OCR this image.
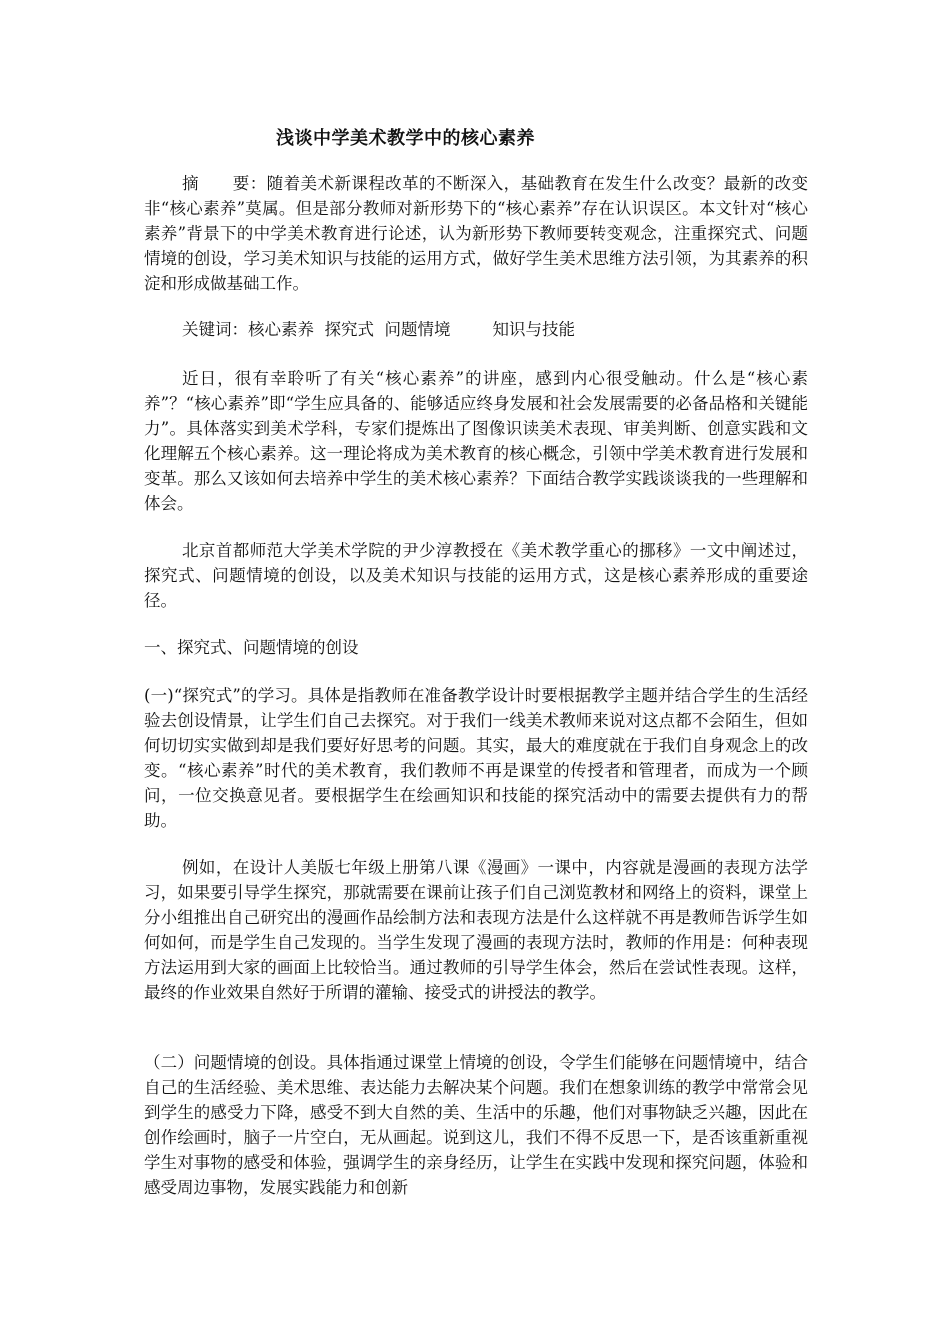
浅谈中学美术教学中的核心素养

摘　　要：随着美术新课程改革的不断深入，基础教育在发生什么改变？最新的改变非“核心素养”莫属。但是部分教师对新形势下的“核心素养”存在认识误区。本文针对“核心素养”背景下的中学美术教育进行论述，认为新形势下教师要转变观念，注重探究式、问题情境的创设，学习美术知识与技能的运用方式，做好学生美术思维方法引领，为其素养的积淀和形成做基础工作。

关键词：核心素养  探究式  问题情境        知识与技能

近日，很有幸聆听了有关“核心素养”的讲座，感到内心很受触动。什么是“核心素养”？“核心素养”即“学生应具备的、能够适应终身发展和社会发展需要的必备品格和关键能力”。具体落实到美术学科，专家们提炼出了图像识读美术表现、审美判断、创意实践和文化理解五个核心素养。这一理论将成为美术教育的核心概念，引领中学美术教育进行发展和变革。那么又该如何去培养中学生的美术核心素养？下面结合教学实践谈谈我的一些理解和体会。

北京首都师范大学美术学院的尹少淳教授在《美术教学重心的挪移》一文中阐述过，探究式、问题情境的创设，以及美术知识与技能的运用方式，这是核心素养形成的重要途径。

一、探究式、问题情境的创设

(一)“探究式”的学习。具体是指教师在准备教学设计时要根据教学主题并结合学生的生活经验去创设情景，让学生们自己去探究。对于我们一线美术教师来说对这点都不会陌生，但如何切切实实做到却是我们要好好思考的问题。其实，最大的难度就在于我们自身观念上的改变。“核心素养”时代的美术教育，我们教师不再是课堂的传授者和管理者，而成为一个顾问，一位交换意见者。要根据学生在绘画知识和技能的探究活动中的需要去提供有力的帮助。

例如，在设计人美版七年级上册第八课《漫画》一课中，内容就是漫画的表现方法学习，如果要引导学生探究，那就需要在课前让孩子们自己浏览教材和网络上的资料，课堂上分小组推出自己研究出的漫画作品绘制方法和表现方法是什么这样就不再是教师告诉学生如何如何，而是学生自己发现的。当学生发现了漫画的表现方法时，教师的作用是：何种表现方法运用到大家的画面上比较恰当。通过教师的引导学生体会，然后在尝试性表现。这样，最终的作业效果自然好于所谓的灌输、接受式的讲授法的教学。

（二）问题情境的创设。具体指通过课堂上情境的创设，令学生们能够在问题情境中，结合自己的生活经验、美术思维、表达能力去解决某个问题。我们在想象训练的教学中常常会见到学生的感受力下降，感受不到大自然的美、生活中的乐趣，他们对事物缺乏兴趣，因此在创作绘画时，脑子一片空白，无从画起。说到这儿，我们不得不反思一下，是否该重新重视学生对事物的感受和体验，强调学生的亲身经历，让学生在实践中发现和探究问题，体验和感受周边事物，发展实践能力和创新
